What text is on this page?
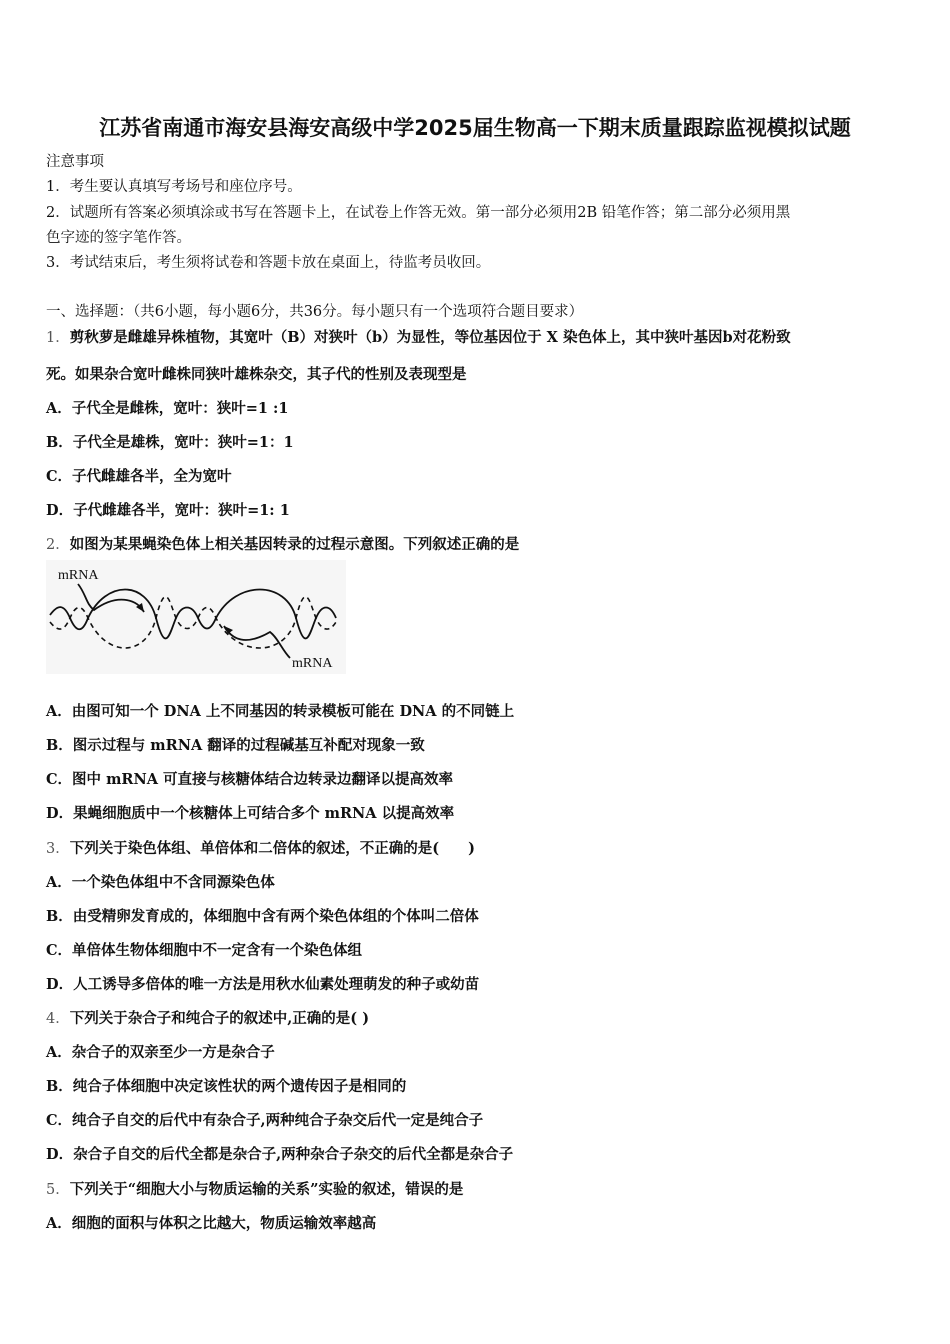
江苏省南通市海安县海安高级中学2025届生物高一下期末质量跟踪监视模拟试题
注意事项
1．考生要认真填写考场号和座位序号。
2．试题所有答案必须填涂或书写在答题卡上，在试卷上作答无效。第一部分必须用2B 铅笔作答；第二部分必须用黑
色字迹的签字笔作答。
3．考试结束后，考生须将试卷和答题卡放在桌面上，待监考员收回。
一、选择题：（共6小题，每小题6分，共36分。每小题只有一个选项符合题目要求）
1．剪秋萝是雌雄异株植物，其宽叶（B）对狭叶（b）为显性，等位基因位于 X 染色体上，其中狭叶基因b对花粉致
死。如果杂合宽叶雌株同狭叶雄株杂交，其子代的性别及表现型是
A．子代全是雌株，宽叶：狭叶=1 :1
B．子代全是雄株，宽叶：狭叶=1：1
C．子代雌雄各半，全为宽叶
D．子代雌雄各半，宽叶：狭叶=1: 1
2．如图为某果蝇染色体上相关基因转录的过程示意图。下列叙述正确的是
mRNA
mRNA
A．由图可知一个 DNA 上不同基因的转录模板可能在 DNA 的不同链上
B．图示过程与 mRNA 翻译的过程碱基互补配对现象一致
C．图中 mRNA 可直接与核糖体结合边转录边翻译以提高效率
D．果蝇细胞质中一个核糖体上可结合多个 mRNA 以提高效率
3．下列关于染色体组、单倍体和二倍体的叙述，不正确的是(　　)
A．一个染色体组中不含同源染色体
B．由受精卵发育成的，体细胞中含有两个染色体组的个体叫二倍体
C．单倍体生物体细胞中不一定含有一个染色体组
D．人工诱导多倍体的唯一方法是用秋水仙素处理萌发的种子或幼苗
4．下列关于杂合子和纯合子的叙述中,正确的是( )
A．杂合子的双亲至少一方是杂合子
B．纯合子体细胞中决定该性状的两个遗传因子是相同的
C．纯合子自交的后代中有杂合子,两种纯合子杂交后代一定是纯合子
D．杂合子自交的后代全都是杂合子,两种杂合子杂交的后代全都是杂合子
5．下列关于“细胞大小与物质运输的关系”实验的叙述，错误的是
A．细胞的面积与体积之比越大，物质运输效率越高
